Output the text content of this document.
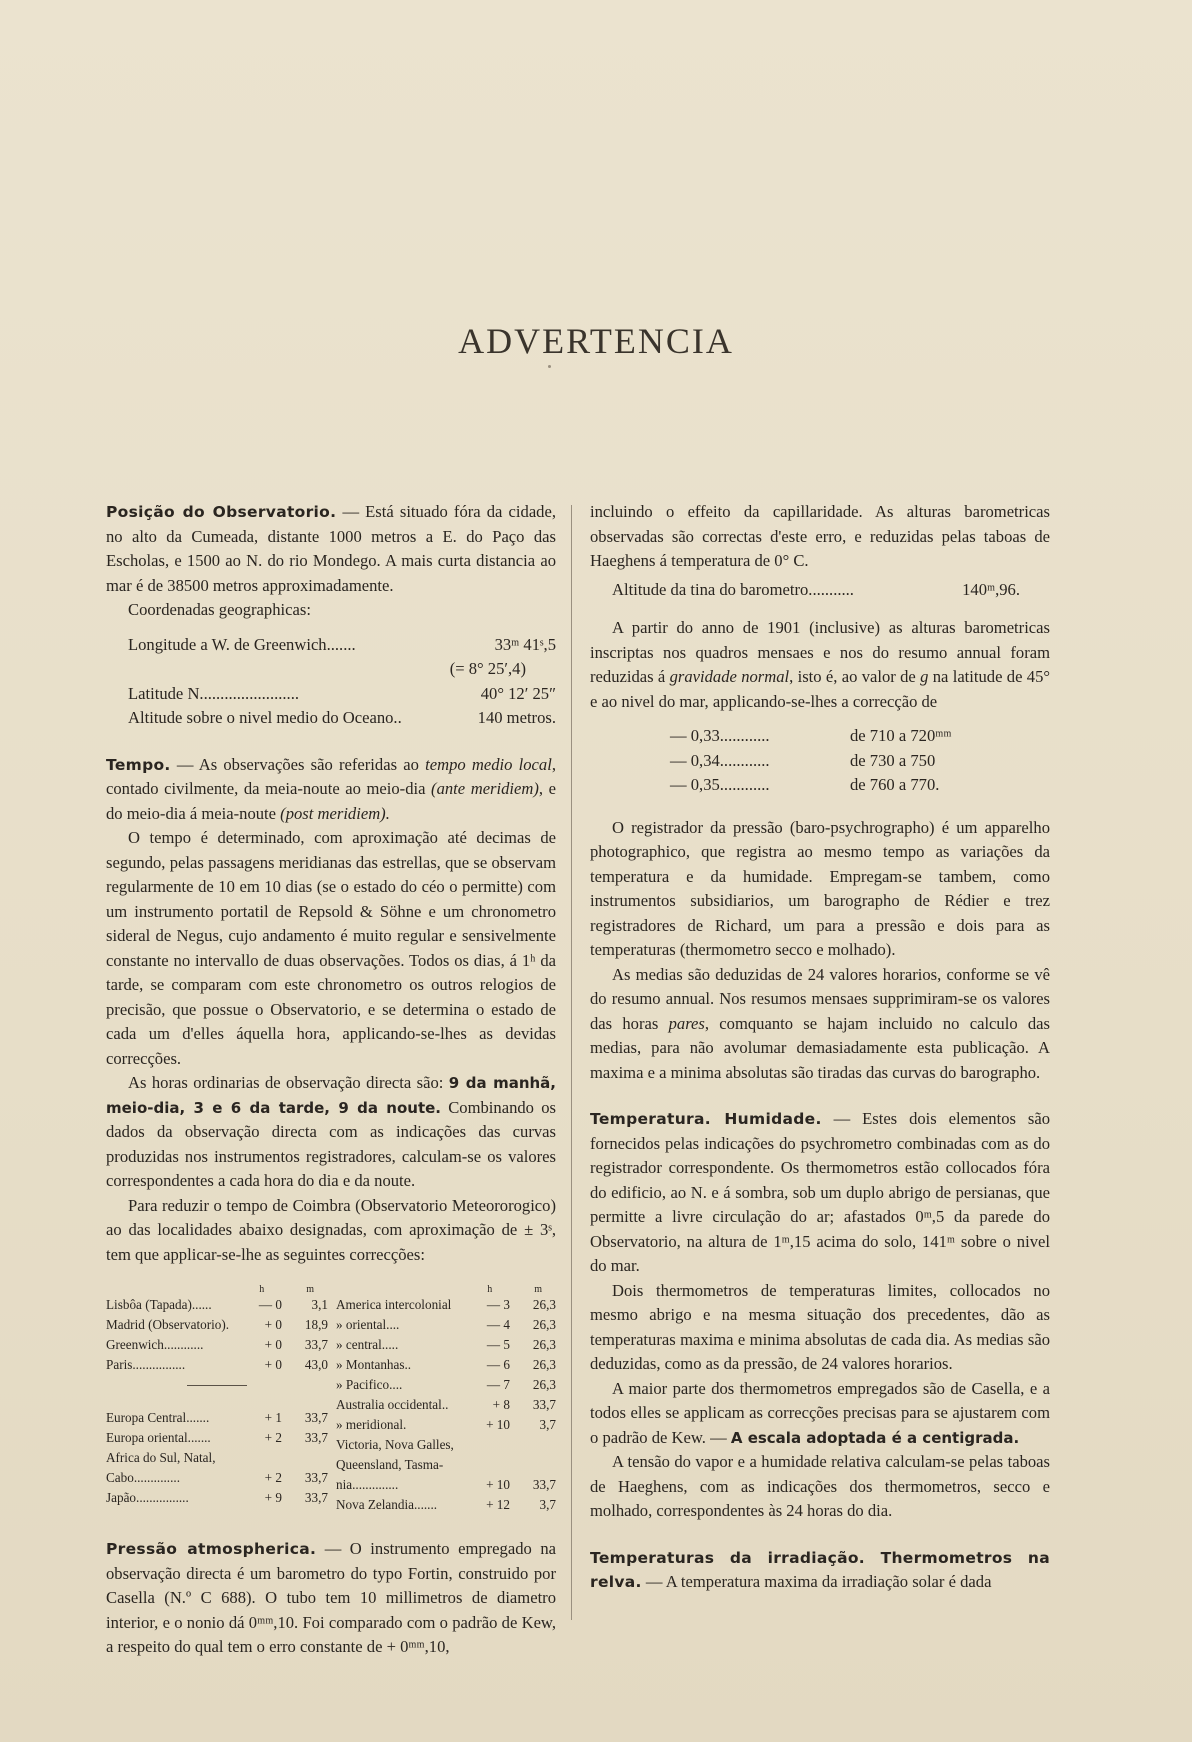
ADVERTENCIA

Posição do Observatorio. — Está situado fóra da cidade, no alto da Cumeada, distante 1000 metros a E. do Paço das Escholas, e 1500 ao N. do rio Mondego. A mais curta distancia ao mar é de 38500 metros approximadamente.

Coordenadas geographicas:

Longitude a W. de Greenwich.......	33ᵐ 41ˢ,5
(= 8° 25′,4)
Latitude N........................	40° 12′ 25″
Altitude sobre o nivel medio do Oceano..	140 metros.

Tempo. — As observações são referidas ao tempo medio local, contado civilmente, da meia-noute ao meio-dia (ante meridiem), e do meio-dia á meia-noute (post meridiem).

O tempo é determinado, com aproximação até decimas de segundo, pelas passagens meridianas das estrellas, que se observam regularmente de 10 em 10 dias (se o estado do céo o permitte) com um instrumento portatil de Repsold & Söhne e um chronometro sideral de Negus, cujo andamento é muito regular e sensivelmente constante no intervallo de duas observações. Todos os dias, á 1ʰ da tarde, se comparam com este chronometro os outros relogios de precisão, que possue o Observatorio, e se determina o estado de cada um d'elles áquella hora, applicando-se-lhes as devidas correcções.

As horas ordinarias de observação directa são: 9 da manhã, meio-dia, 3 e 6 da tarde, 9 da noute. Combinando os dados da observação directa com as indicações das curvas produzidas nos instrumentos registradores, calculam-se os valores correspondentes a cada hora do dia e da noute.

Para reduzir o tempo de Coimbra (Observatorio Meteororogico) ao das localidades abaixo designadas, com aproximação de ± 3ˢ, tem que applicar-se-lhe as seguintes correcções:

h	m
Lisbôa (Tapada)......	— 0	3,1
Madrid (Observatorio).	+ 0	18,9
Greenwich............	+ 0	33,7
Paris................	+ 0	43,0
Europa Central.......	+ 1	33,7
Europa oriental.......	+ 2	33,7
Africa do Sul, Natal,
Cabo..............	+ 2	33,7
Japão................	+ 9	33,7
h	m
America intercolonial	— 3	26,3
» oriental....	— 4	26,3
» central.....	— 5	26,3
» Montanhas..	— 6	26,3
» Pacifico....	— 7	26,3
Australia occidental..	+ 8	33,7
» meridional.	+ 10	3,7
Victoria, Nova Galles,
Queensland, Tasma-
nia..............	+ 10	33,7
Nova Zelandia.......	+ 12	3,7

Pressão atmospherica. — O instrumento empregado na observação directa é um barometro do typo Fortin, construido por Casella (N.º C 688). O tubo tem 10 millimetros de diametro interior, e o nonio dá 0ᵐᵐ,10. Foi comparado com o padrão de Kew, a respeito do qual tem o erro constante de + 0ᵐᵐ,10,

incluindo o effeito da capillaridade. As alturas barometricas observadas são correctas d'este erro, e reduzidas pelas taboas de Haeghens á temperatura de 0° C.

Altitude da tina do barometro...........	140ᵐ,96.

A partir do anno de 1901 (inclusive) as alturas barometricas inscriptas nos quadros mensaes e nos do resumo annual foram reduzidas á gravidade normal, isto é, ao valor de g na latitude de 45° e ao nivel do mar, applicando-se-lhes a correcção de

— 0,33............	de 710 a 720ᵐᵐ
— 0,34............	de 730 a 750
— 0,35............	de 760 a 770.

O registrador da pressão (baro-psychrographo) é um apparelho photographico, que registra ao mesmo tempo as variações da temperatura e da humidade. Empregam-se tambem, como instrumentos subsidiarios, um barographo de Rédier e trez registradores de Richard, um para a pressão e dois para as temperaturas (thermometro secco e molhado).

As medias são deduzidas de 24 valores horarios, conforme se vê do resumo annual. Nos resumos mensaes supprimiram-se os valores das horas pares, comquanto se hajam incluido no calculo das medias, para não avolumar demasiadamente esta publicação. A maxima e a minima absolutas são tiradas das curvas do barographo.

Temperatura. Humidade. — Estes dois elementos são fornecidos pelas indicações do psychrometro combinadas com as do registrador correspondente. Os thermometros estão collocados fóra do edificio, ao N. e á sombra, sob um duplo abrigo de persianas, que permitte a livre circulação do ar; afastados 0ᵐ,5 da parede do Observatorio, na altura de 1ᵐ,15 acima do solo, 141ᵐ sobre o nivel do mar.

Dois thermometros de temperaturas limites, collocados no mesmo abrigo e na mesma situação dos precedentes, dão as temperaturas maxima e minima absolutas de cada dia. As medias são deduzidas, como as da pressão, de 24 valores horarios.

A maior parte dos thermometros empregados são de Casella, e a todos elles se applicam as correcções precisas para se ajustarem com o padrão de Kew. — A escala adoptada é a centigrada.

A tensão do vapor e a humidade relativa calculam-se pelas taboas de Haeghens, com as indicações dos thermometros, secco e molhado, correspondentes às 24 horas do dia.

Temperaturas da irradiação. Thermometros na relva. — A temperatura maxima da irradiação solar é dada
